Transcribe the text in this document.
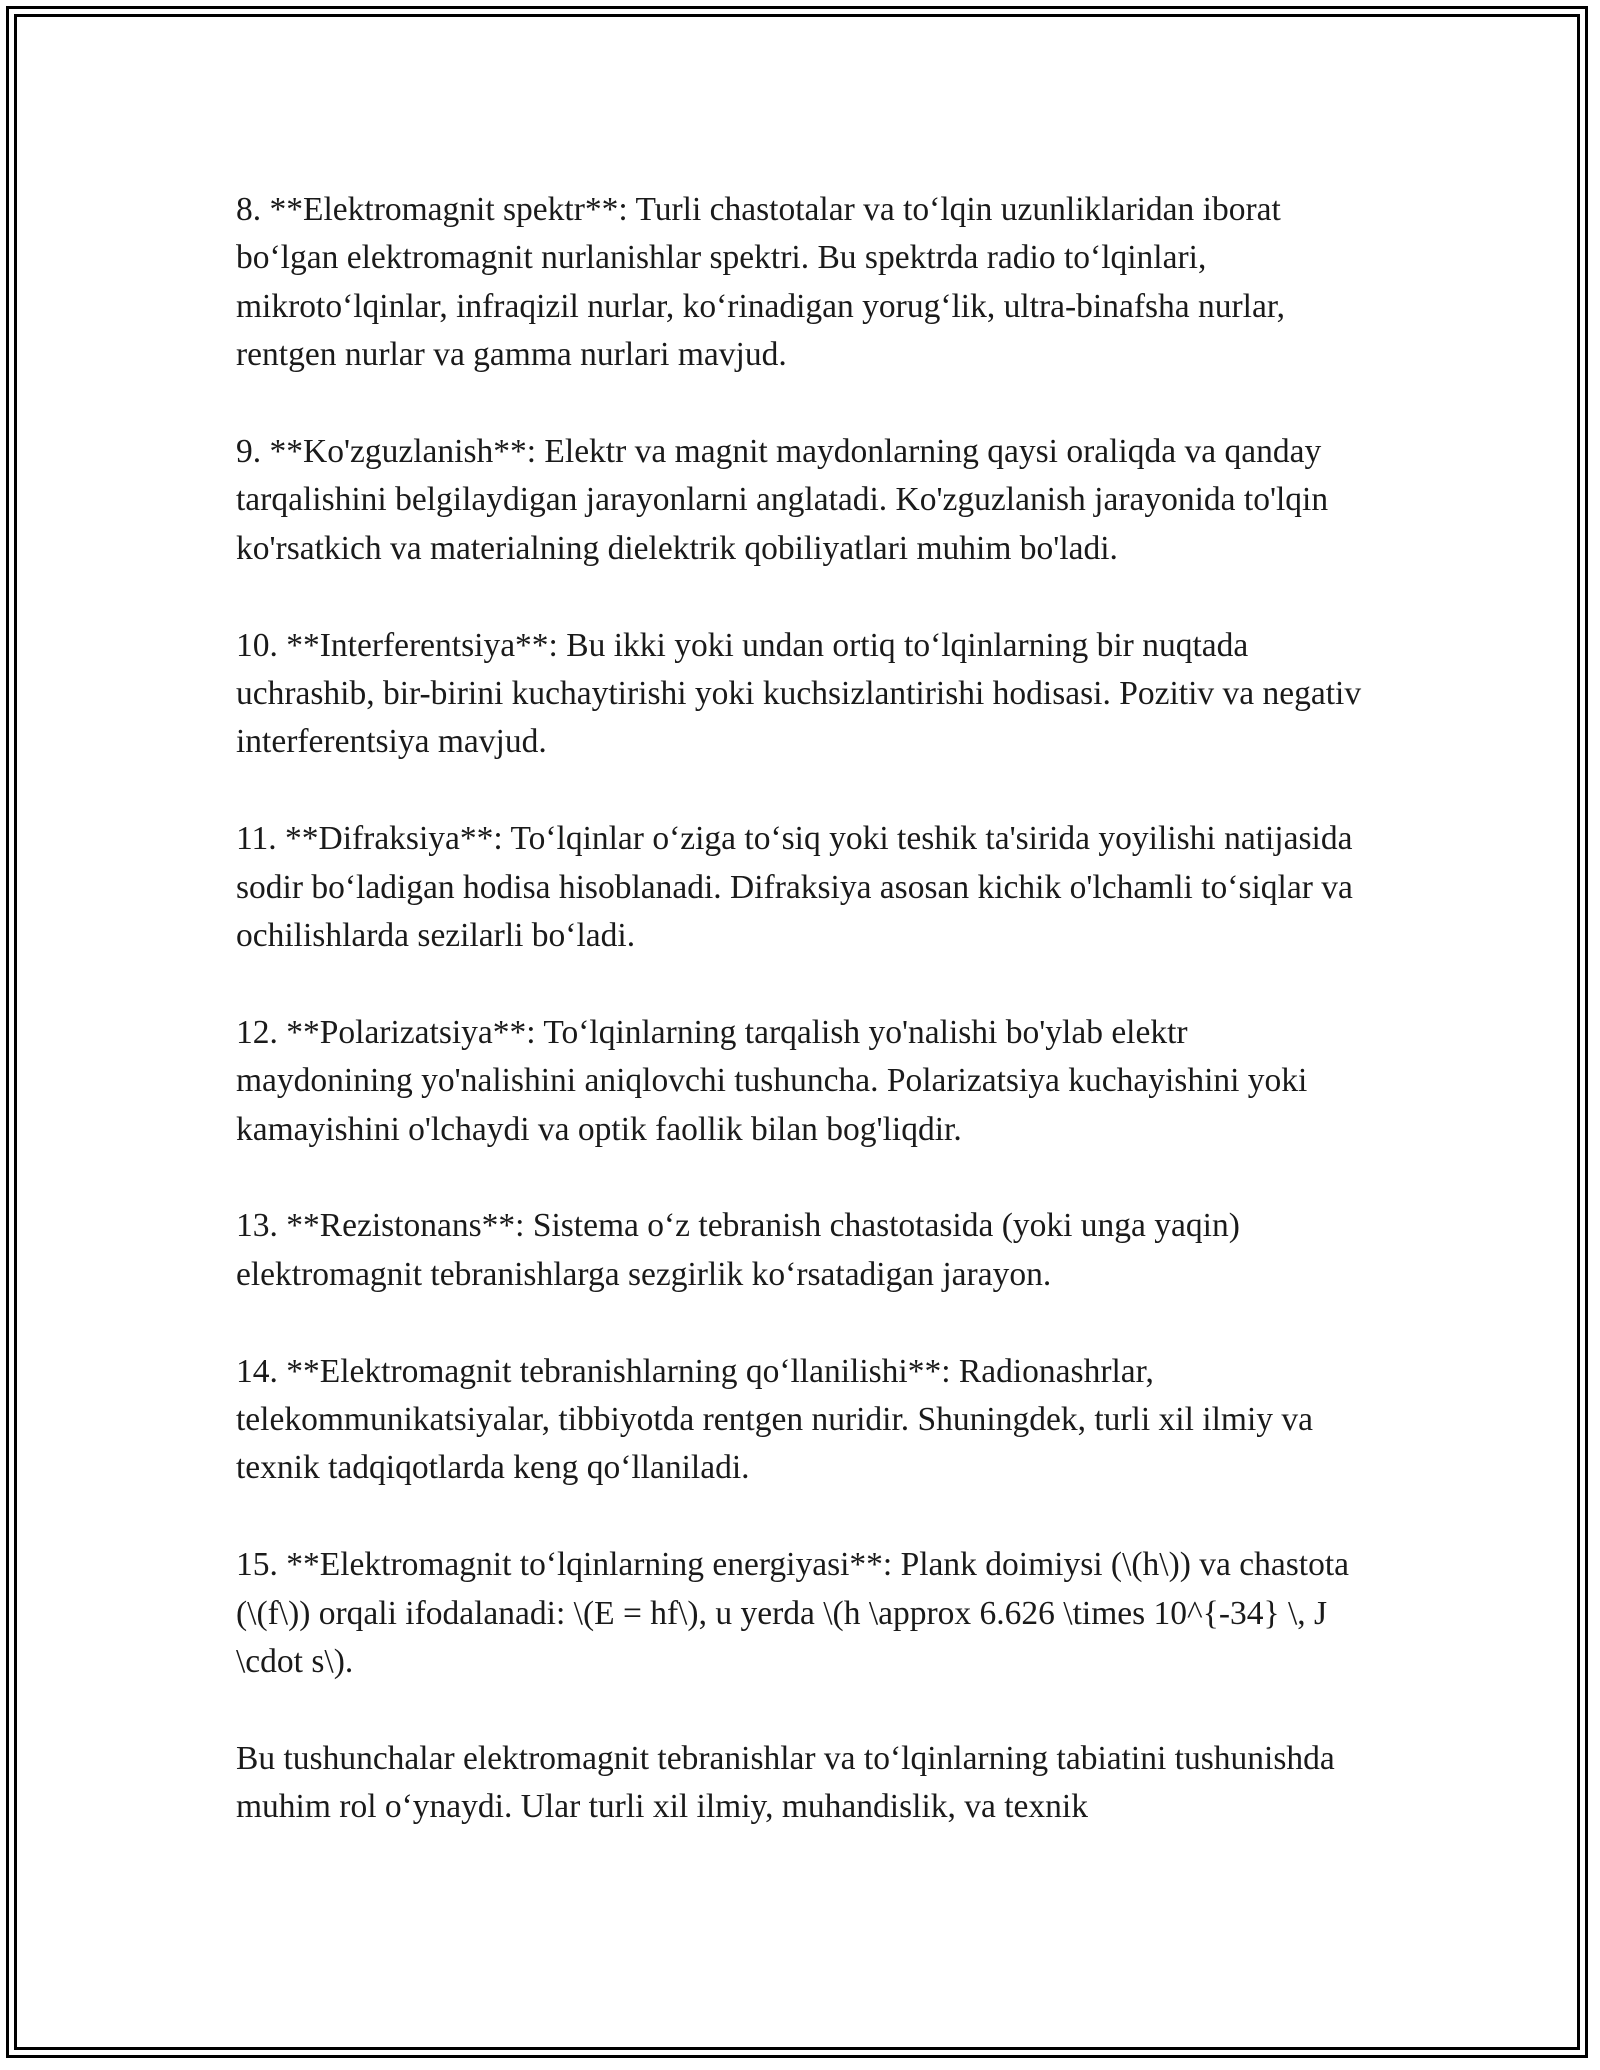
8. **Elektromagnit spektr**: Turli chastotalar va to‘lqin uzunliklaridan iborat bo‘lgan elektromagnit nurlanishlar spektri. Bu spektrda radio to‘lqinlari, mikroto‘lqinlar, infraqizil nurlar, ko‘rinadigan yorug‘lik, ultra-binafsha nurlar, rentgen nurlar va gamma nurlari mavjud.

9. **Ko'zguzlanish**: Elektr va magnit maydonlarning qaysi oraliqda va qanday tarqalishini belgilaydigan jarayonlarni anglatadi. Ko'zguzlanish jarayonida to'lqin ko'rsatkich va materialning dielektrik qobiliyatlari muhim bo'ladi.

10. **Interferentsiya**: Bu ikki yoki undan ortiq to‘lqinlarning bir nuqtada uchrashib, bir-birini kuchaytirishi yoki kuchsizlantirishi hodisasi. Pozitiv va negativ interferentsiya mavjud.

11. **Difraksiya**: To‘lqinlar o‘ziga to‘siq yoki teshik ta'sirida yoyilishi natijasida sodir bo‘ladigan hodisa hisoblanadi. Difraksiya asosan kichik o'lchamli to‘siqlar va ochilishlarda sezilarli bo‘ladi.

12. **Polarizatsiya**: To‘lqinlarning tarqalish yo'nalishi bo'ylab elektr maydonining yo'nalishini aniqlovchi tushuncha. Polarizatsiya kuchayishini yoki kamayishini o'lchaydi va optik faollik bilan bog'liqdir.

13. **Rezistonans**: Sistema o‘z tebranish chastotasida (yoki unga yaqin) elektromagnit tebranishlarga sezgirlik ko‘rsatadigan jarayon.

14. **Elektromagnit tebranishlarning qo‘llanilishi**: Radionashrlar, telekommunikatsiyalar, tibbiyotda rentgen nuridir. Shuningdek, turli xil ilmiy va texnik tadqiqotlarda keng qo‘llaniladi.

15. **Elektromagnit to‘lqinlarning energiyasi**: Plank doimiysi (\(h\)) va chastota (\(f\)) orqali ifodalanadi: \(E = hf\), u yerda \(h \approx 6.626 \times 10^{-34} \, J \cdot s\).

Bu tushunchalar elektromagnit tebranishlar va to‘lqinlarning tabiatini tushunishda muhim rol o‘ynaydi. Ular turli xil ilmiy, muhandislik, va texnik
